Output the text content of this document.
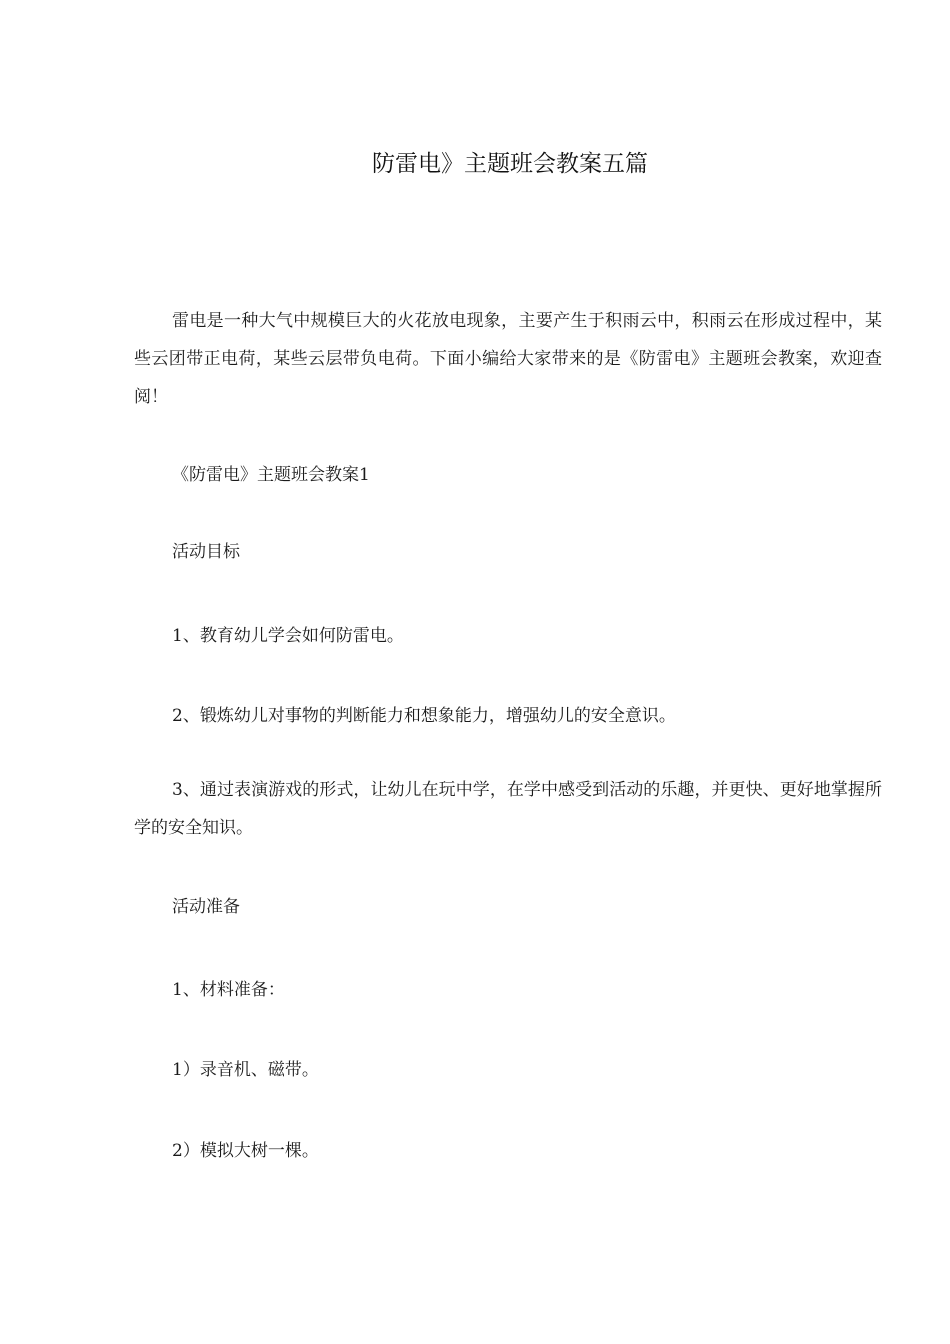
防雷电》主题班会教案五篇

雷电是一种大气中规模巨大的火花放电现象，主要产生于积雨云中，积雨云在形成过程中，某些云团带正电荷，某些云层带负电荷。下面小编给大家带来的是《防雷电》主题班会教案，欢迎查阅！

《防雷电》主题班会教案1

活动目标

1、教育幼儿学会如何防雷电。

2、锻炼幼儿对事物的判断能力和想象能力，增强幼儿的安全意识。

3、通过表演游戏的形式，让幼儿在玩中学，在学中感受到活动的乐趣，并更快、更好地掌握所学的安全知识。

活动准备

1、材料准备：

1）录音机、磁带。

2）模拟大树一棵。
